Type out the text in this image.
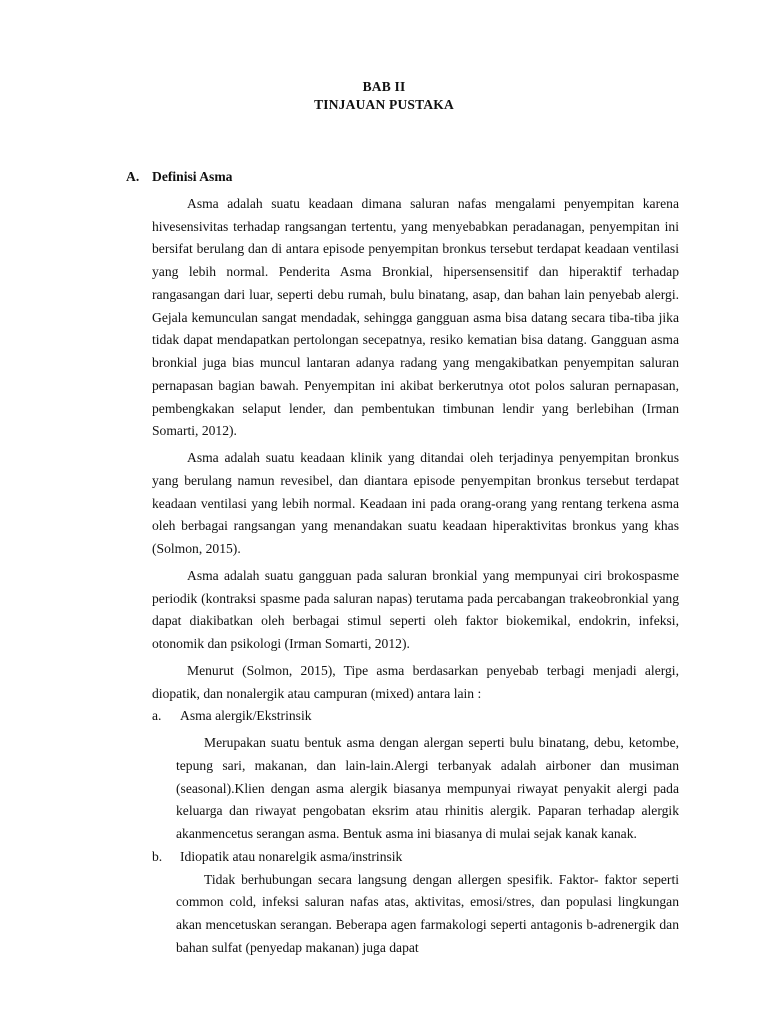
BAB II
TINJAUAN PUSTAKA
A. Definisi Asma

Asma adalah suatu keadaan dimana saluran nafas mengalami penyempitan karena hivesensivitas terhadap rangsangan tertentu, yang menyebabkan peradanagan, penyempitan ini bersifat berulang dan di antara episode penyempitan bronkus tersebut terdapat keadaan ventilasi yang lebih normal. Penderita Asma Bronkial, hipersensensitif dan hiperaktif terhadap rangasangan dari luar, seperti debu rumah, bulu binatang, asap, dan bahan lain penyebab alergi. Gejala kemunculan sangat mendadak, sehingga gangguan asma bisa datang secara tiba-tiba jika tidak dapat mendapatkan pertolongan secepatnya, resiko kematian bisa datang. Gangguan asma bronkial juga bias muncul lantaran adanya radang yang mengakibatkan penyempitan saluran pernapasan bagian bawah. Penyempitan ini akibat berkerutnya otot polos saluran pernapasan, pembengkakan selaput lender, dan pembentukan timbunan lendir yang berlebihan (Irman Somarti, 2012).

Asma adalah suatu keadaan klinik yang ditandai oleh terjadinya penyempitan bronkus yang berulang namun revesibel, dan diantara episode penyempitan bronkus tersebut terdapat keadaan ventilasi yang lebih normal. Keadaan ini pada orang-orang yang rentang terkena asma oleh berbagai rangsangan yang menandakan suatu keadaan hiperaktivitas bronkus yang khas (Solmon, 2015).

Asma adalah suatu gangguan pada saluran bronkial yang mempunyai ciri brokospasme periodik (kontraksi spasme pada saluran napas) terutama pada percabangan trakeobronkial yang dapat diakibatkan oleh berbagai stimul seperti oleh faktor biokemikal, endokrin, infeksi, otonomik dan psikologi (Irman Somarti, 2012).

Menurut (Solmon, 2015), Tipe asma berdasarkan penyebab terbagi menjadi alergi, diopatik, dan nonalergik atau campuran (mixed) antara lain :

a.	Asma alergik/Ekstrinsik

Merupakan suatu bentuk asma dengan alergan seperti bulu binatang, debu, ketombe, tepung sari, makanan, dan lain-lain.Alergi terbanyak adalah airboner dan musiman (seasonal).Klien dengan asma alergik biasanya mempunyai riwayat penyakit alergi pada keluarga dan riwayat pengobatan eksrim atau rhinitis alergik. Paparan terhadap alergik akanmencetus serangan asma. Bentuk asma ini biasanya di mulai sejak kanak kanak.

b.	Idiopatik atau nonarelgik asma/instrinsik

Tidak berhubungan secara langsung dengan allergen spesifik. Faktor- faktor seperti common cold, infeksi saluran nafas atas, aktivitas, emosi/stres, dan populasi lingkungan akan mencetuskan serangan. Beberapa agen farmakologi seperti antagonis b-adrenergik dan bahan sulfat (penyedap makanan) juga dapat
